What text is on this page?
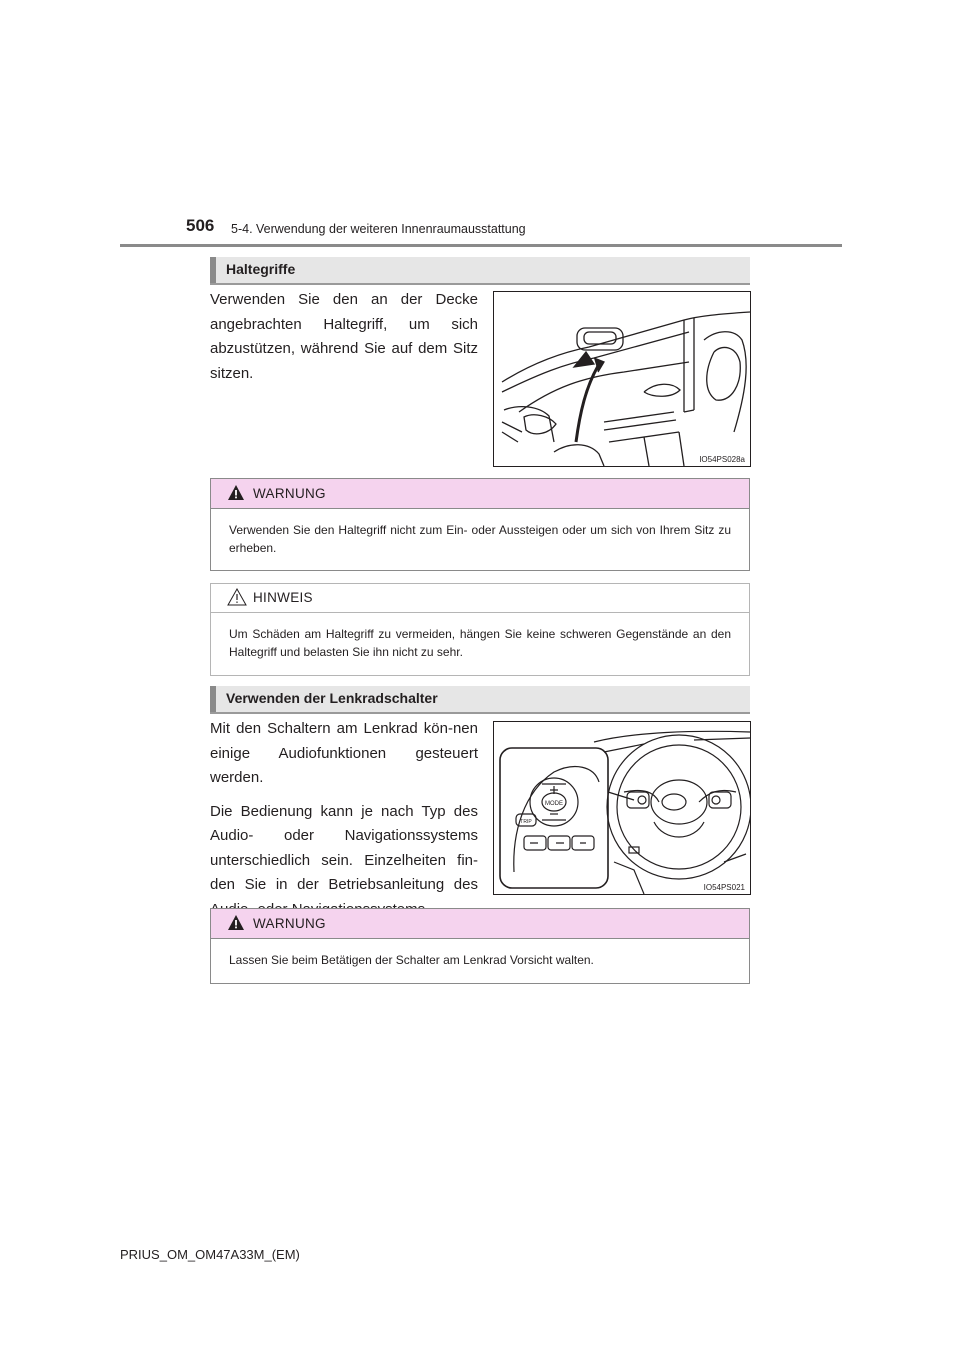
506 5-4. Verwendung der weiteren Innenraumausstattung
Haltegriffe

Verwenden Sie den an der Decke angebrachten Haltegriff, um sich abzustützen, während Sie auf dem Sitz sitzen.

IO54PS028a
WARNUNG
Verwenden Sie den Haltegriff nicht zum Ein- oder Aussteigen oder um sich von Ihrem Sitz zu erheben.
HINWEIS
Um Schäden am Haltegriff zu vermeiden, hängen Sie keine schweren Gegenstände an den Haltegriff und belasten Sie ihn nicht zu sehr.
Verwenden der Lenkradschalter

Mit den Schaltern am Lenkrad kön-nen einige Audiofunktionen gesteuert werden.

Die Bedienung kann je nach Typ des Audio- oder Navigationssystems unterschiedlich sein. Einzelheiten fin-den Sie in der Betriebsanleitung des

MODE
TRIP
IO54PS021
WARNUNG
Lassen Sie beim Betätigen der Schalter am Lenkrad Vorsicht walten.
PRIUS_OM_OM47A33M_(EM)
